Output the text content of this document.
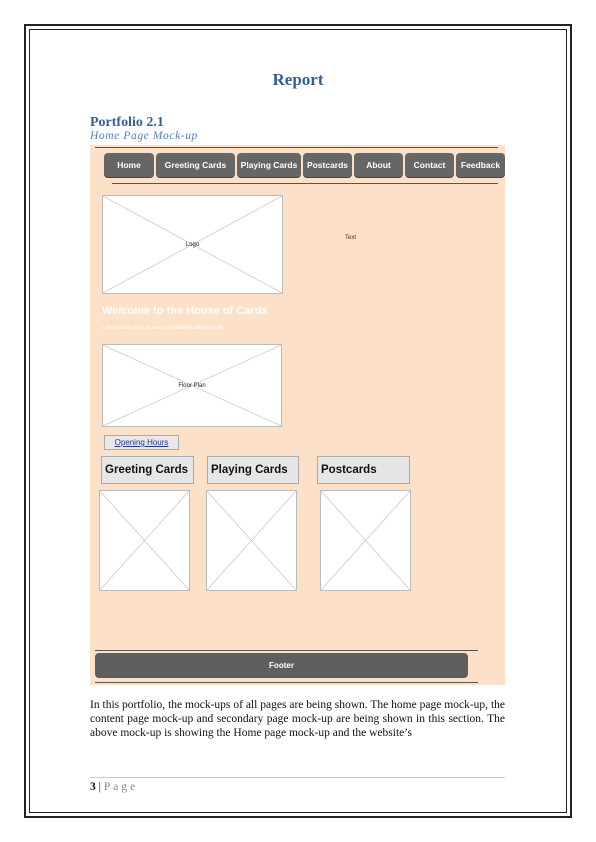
Report
Portfolio 2.1
Home Page Mock-up
Home	Greeting Cards	Playing Cards	Postcards	About	Contact	Feedback
Logo
Text
Welcome to the House of Cards
Lorem ipsum dolor sit amet, consectetur adipiscing elit
Floor Plan
Opening Hours
Greeting Cards	Playing Cards	Postcards
Footer
In this portfolio, the mock-ups of all pages are being shown. The home page mock-up, the content page mock-up and secondary page mock-up are being shown in this section. The above mock-up is showing the Home page mock-up and the website’s
3 | Page
